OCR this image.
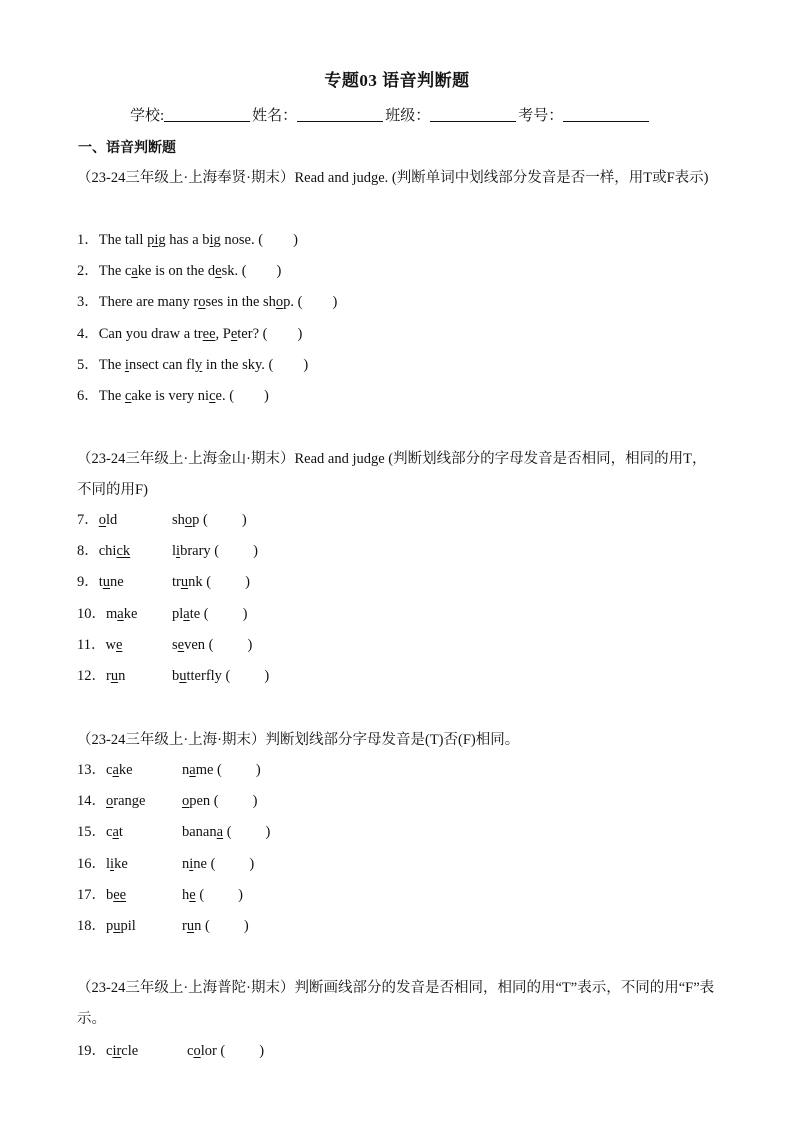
专题03 语音判断题
学校:	姓名：	班级：	考号：
一、语音判断题
（23-24三年级上·上海奉贤·期末）Read and judge. (判断单词中划线部分发音是否一样，用T或F表示)
1．The tall pig has a big nose. ( )
2．The cake is on the desk. ( )
3．There are many roses in the shop. ( )
4．Can you draw a tree, Peter? ( )
5．The insect can fly in the sky. ( )
6．The cake is very nice. ( )
（23-24三年级上·上海金山·期末）Read and judge (判断划线部分的字母发音是否相同，相同的用T，不同的用F)
7．old	shop ( )
8．chick	library ( )
9．tune	trunk ( )
10．make plate ( )
11．we	seven ( )
12．run	butterfly ( )
（23-24三年级上·上海·期末）判断划线部分字母发音是(T)否(F)相同。
13．cake	name ( )
14．orange	open ( )
15．cat	banana ( )
16．like	nine ( )
17．bee	he ( )
18．pupil	run ( )
（23-24三年级上·上海普陀·期末）判断画线部分的发音是否相同，相同的用“T”表示，不同的用“F”表示。
19．circle	color ( )
